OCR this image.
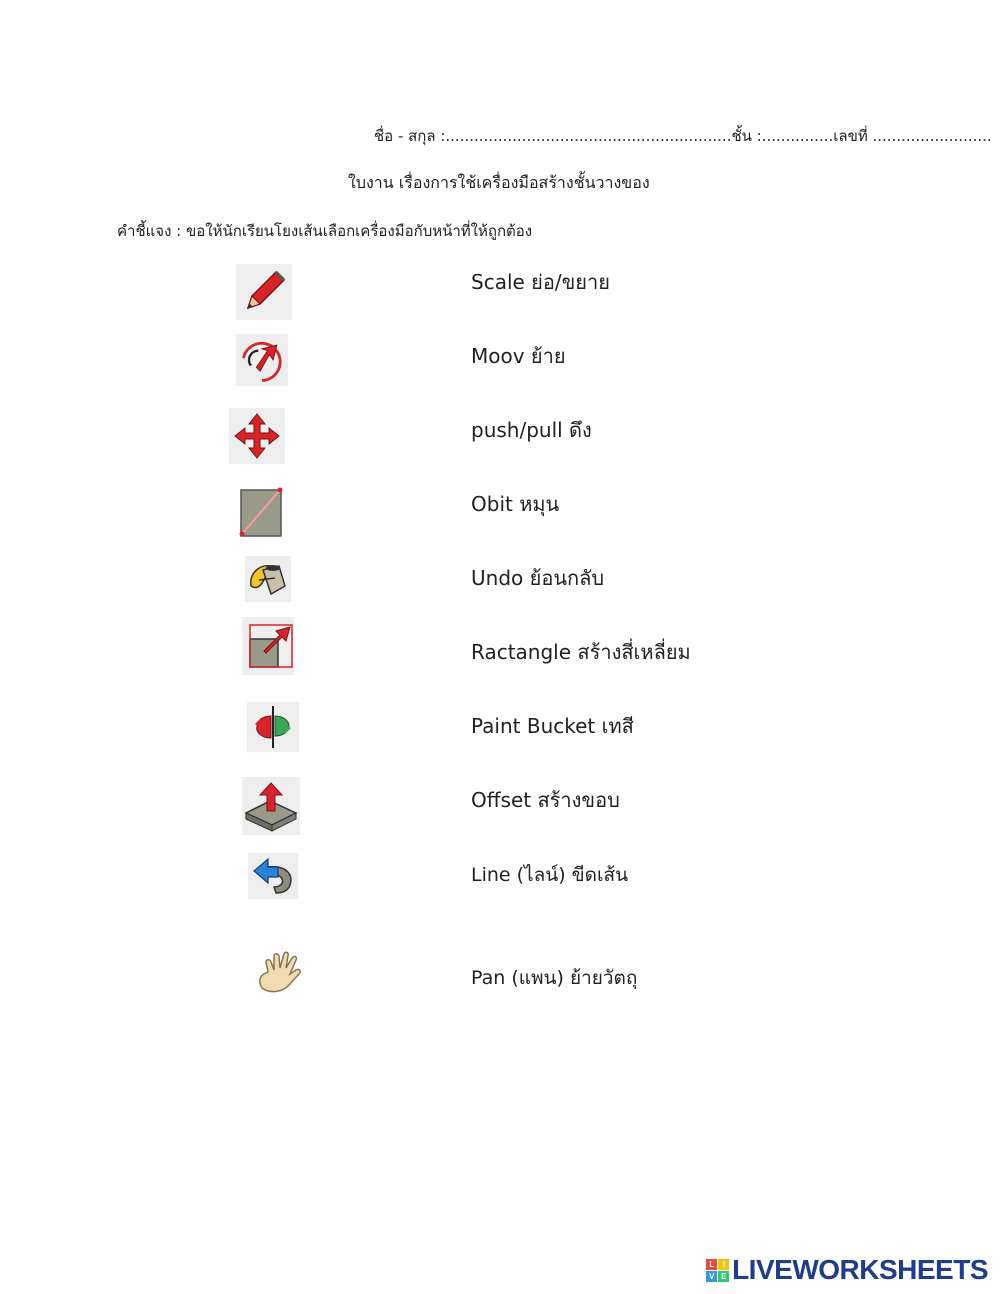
ชื่อ - สกุล :............................................................ชั้น :...............เลขที่ .........................
ใบงาน เรื่องการใช้เครื่องมือสร้างชั้นวางของ
คำชี้แจง : ขอให้นักเรียนโยงเส้นเลือกเครื่องมือกับหน้าที่ให้ถูกต้อง
Scale ย่อ/ขยาย
Moov ย้าย
push/pull ดึง
Obit หมุน
Undo ย้อนกลับ
Ractangle สร้างสี่เหลี่ยม
Paint Bucket เทสี
Offset สร้างขอบ
Line (ไลน์) ขีดเส้น
Pan (แพน) ย้ายวัตถุ
L	I
V E LIVEWORKSHEETS
